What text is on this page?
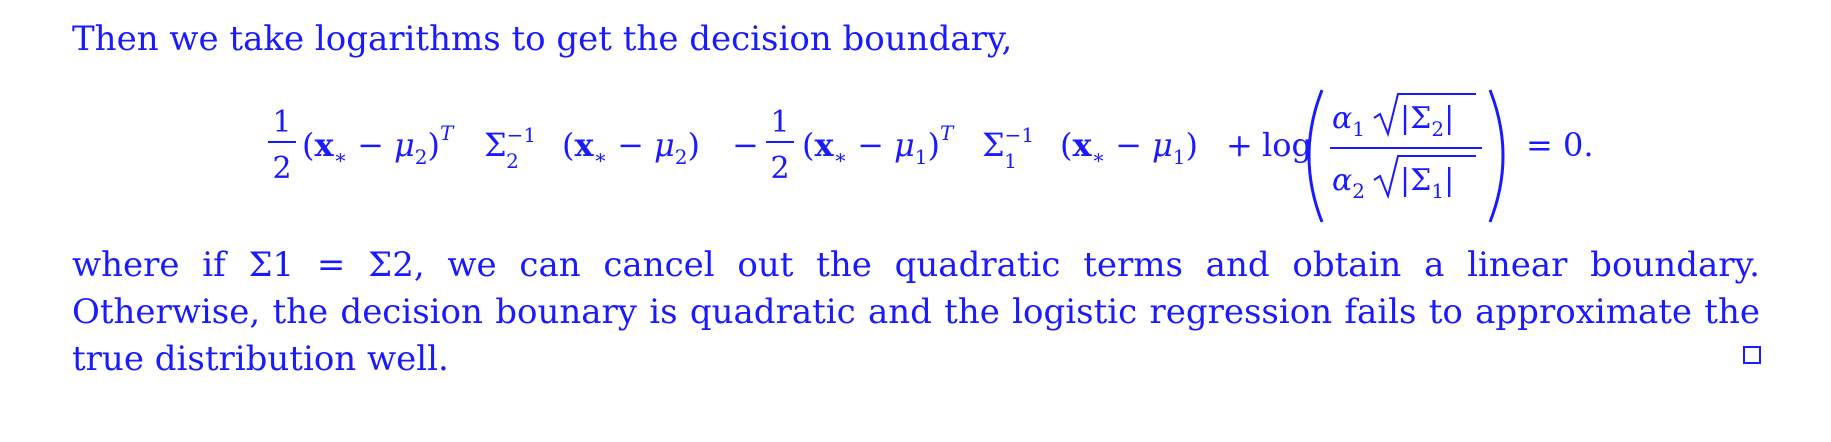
Then we take logarithms to get the decision boundary,

1
2
$(x_∗ - \mu_2)^T$ $\Sigma^{-1}$ 2	$(x_∗ - \mu_2)$ −
1
2
$(x_∗ - \mu_1)^T$ $\Sigma^{-1}$ 1	$(x_∗ - \mu_1) + \log$
$\alpha_1$ $|\Sigma_2|$
$\alpha_2$ $|\Sigma_1|$
= 0.

where if Σ1 = Σ2, we can cancel out the quadratic terms and obtain a linear boundary. Otherwise, the decision bounary is quadratic and the logistic regression fails to approximate the true distribution well.
